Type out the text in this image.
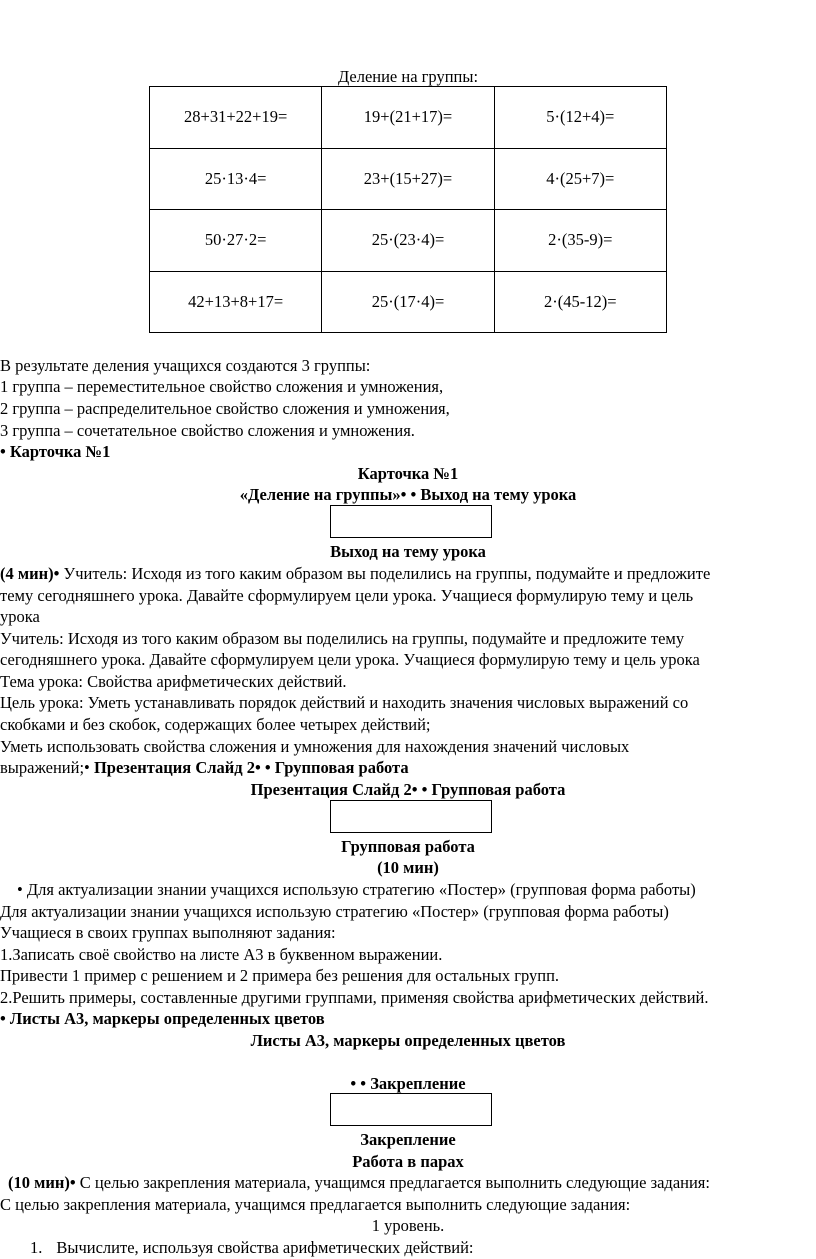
Деление на группы:
28+31+22+19=	19+(21+17)=	5·(12+4)=
25·13·4=	23+(15+27)=	4·(25+7)=
50·27·2=	25·(23·4)=	2·(35-9)=
42+13+8+17=	25·(17·4)=	2·(45-12)=
В результате деления учащихся создаются 3 группы:
1 группа – переместительное свойство сложения и умножения,
2 группа – распределительное свойство сложения и умножения,
3 группа – сочетательное свойство сложения и умножения.
• Карточка №1
Карточка №1
«Деление на группы»• • Выход на тему урока
Выход на тему урока
(4 мин)• Учитель: Исходя из того каким образом вы поделились на группы, подумайте и предложите
тему сегодняшнего урока. Давайте сформулируем цели урока. Учащиеся формулирую тему и цель
урока
Учитель: Исходя из того каким образом вы поделились на группы, подумайте и предложите тему
сегодняшнего урока. Давайте сформулируем цели урока. Учащиеся формулирую тему и цель урока
Тема урока: Свойства арифметических действий.
Цель урока: Уметь устанавливать порядок действий и находить значения числовых выражений со
скобками и без скобок, содержащих более четырех действий;
Уметь использовать свойства сложения и умножения для нахождения значений числовых
выражений;• Презентация Слайд 2• • Групповая работа
Презентация Слайд 2• • Групповая работа
Групповая работа
(10 мин)
• Для актуализации знании учащихся использую стратегию «Постер» (групповая форма работы)
Для актуализации знании учащихся использую стратегию «Постер» (групповая форма работы)
Учащиеся в своих группах выполняют задания:
1.Записать своё свойство на листе А3 в буквенном выражении.
Привести 1 пример с решением и 2 примера без решения для остальных групп.
2.Решить примеры, составленные другими группами, применяя свойства арифметических действий.
• Листы А3, маркеры определенных цветов
Листы А3, маркеры определенных цветов
• • Закрепление
Закрепление
Работа в парах
(10 мин)• С целью закрепления материала, учащимся предлагается выполнить следующие задания:
С целью закрепления материала, учащимся предлагается выполнить следующие задания:
1 уровень.
1. Вычислите, используя свойства арифметических действий:
